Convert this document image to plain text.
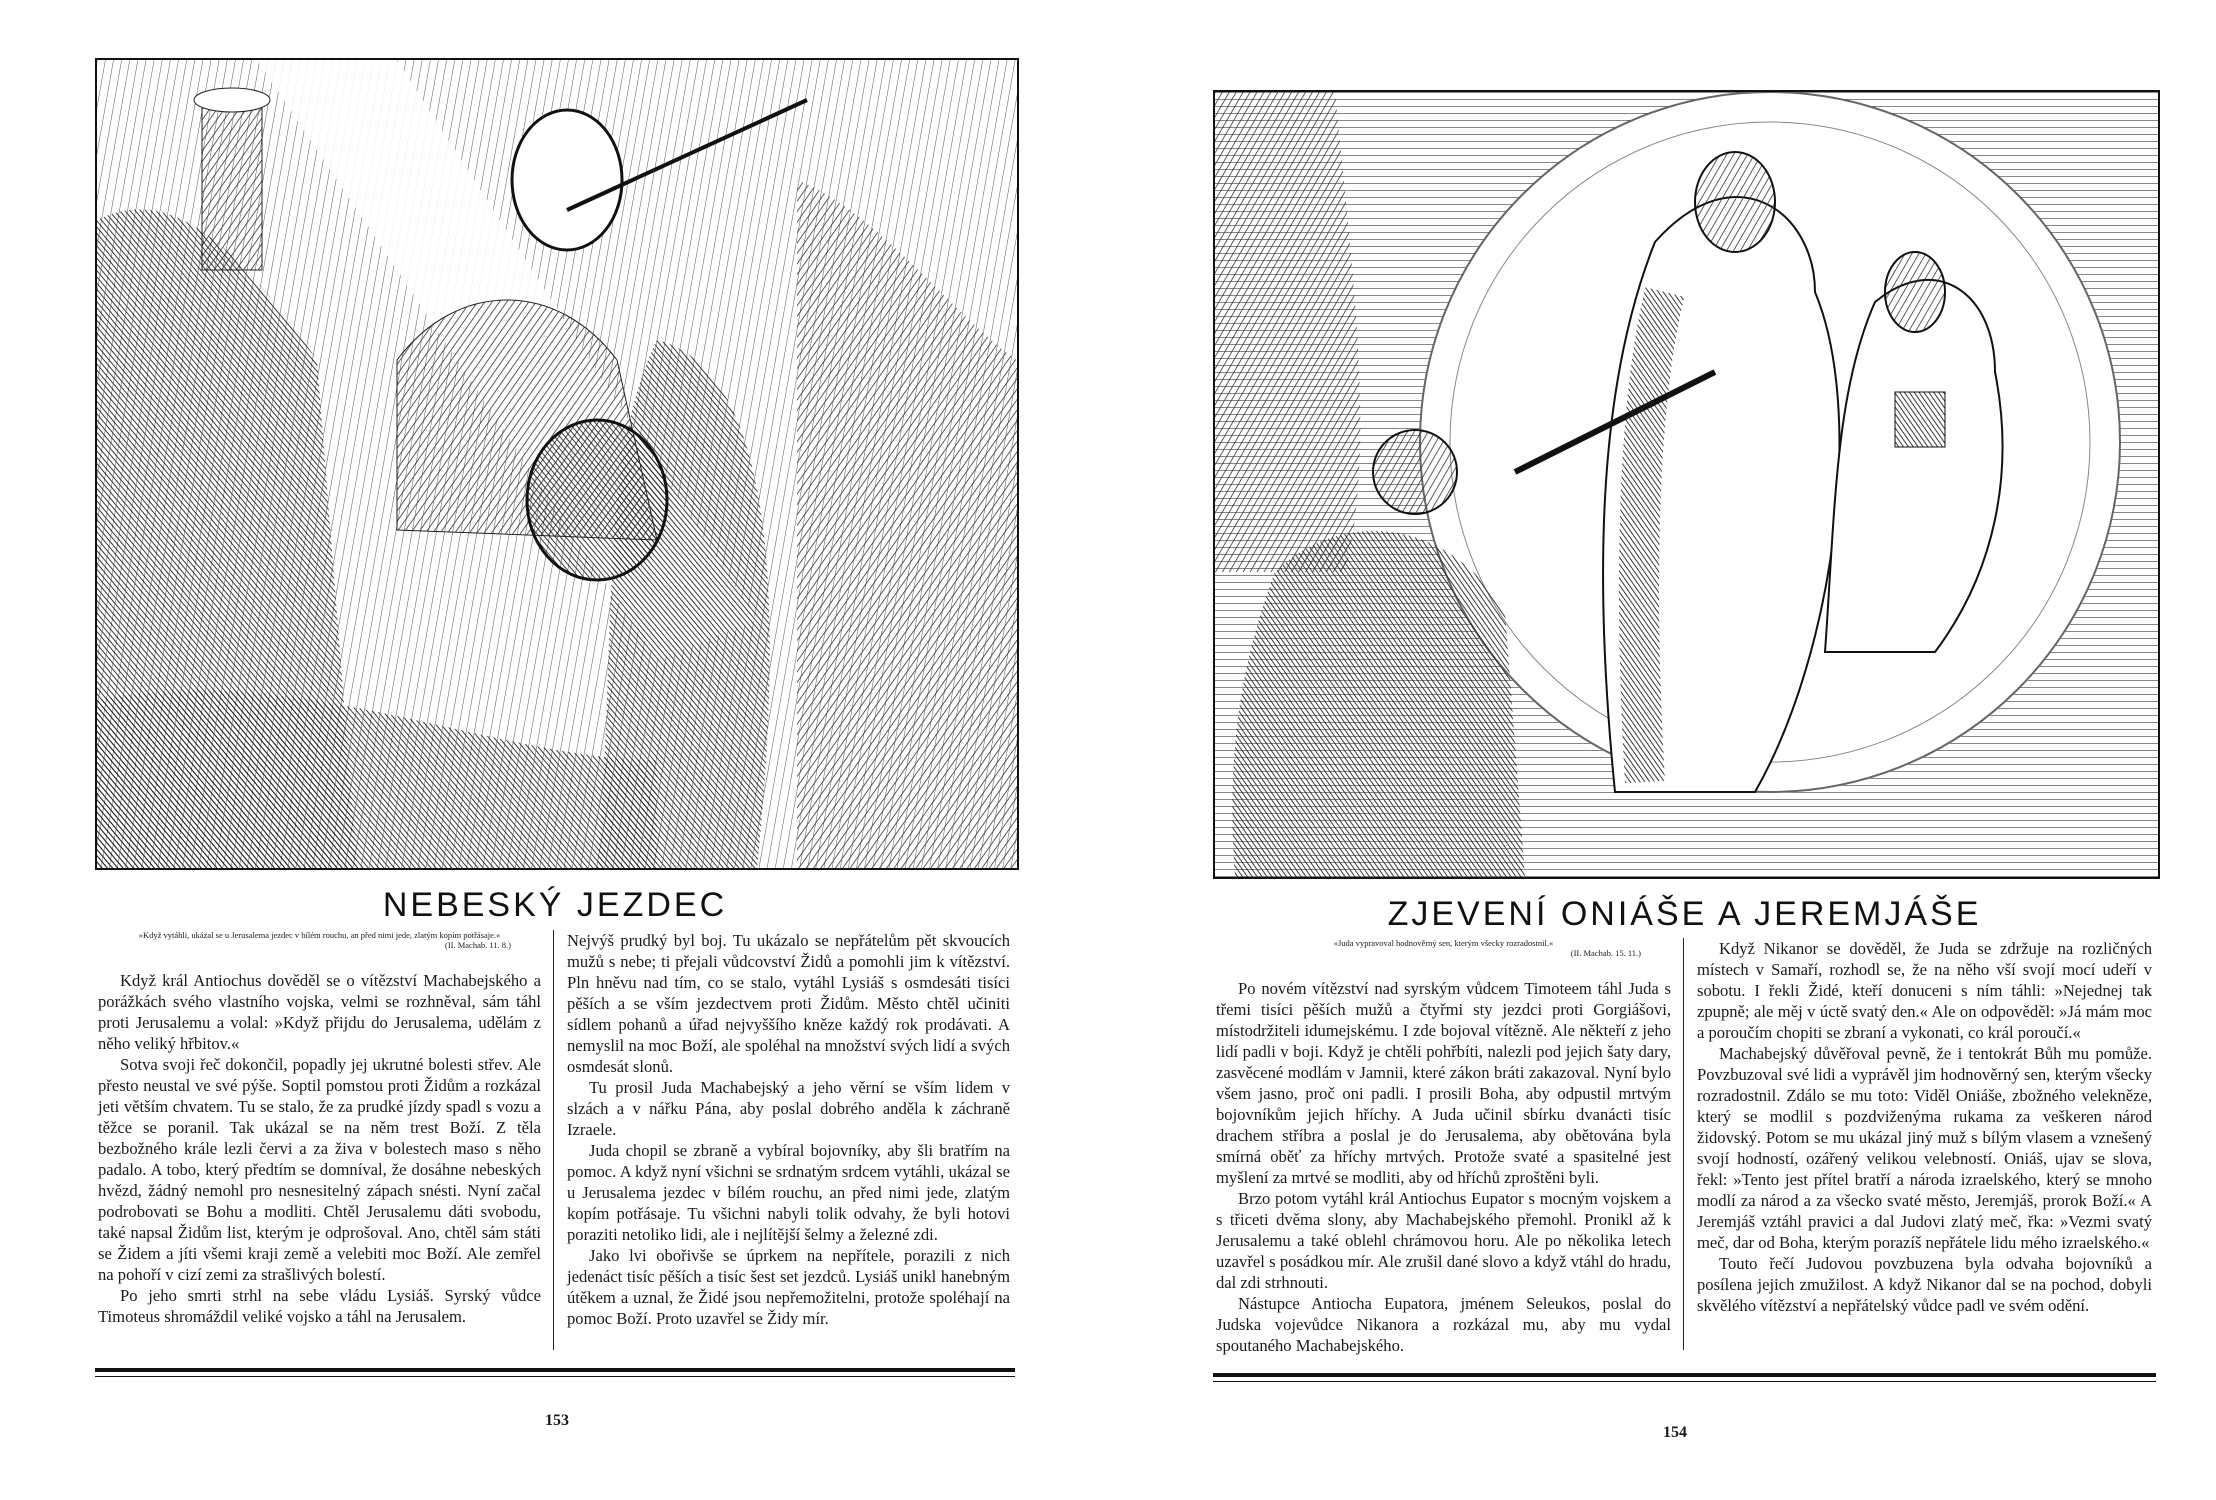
NEBESKÝ JEZDEC
»Když vytáhli, ukázal se u Jerusalema jezdec v bílém rouchu, an před nimi jede, zlatým kopím potřásaje.«
(II. Machab. 11. 8.)

Když král Antiochus dověděl se o vítězství Machabejského a porážkách svého vlastního vojska, velmi se rozhněval, sám táhl proti Jerusalemu a volal: »Když přijdu do Jerusalema, udělám z něho veliký hřbitov.«

Sotva svoji řeč dokončil, popadly jej ukrutné bolesti střev. Ale přesto neustal ve své pýše. Soptil pomstou proti Židům a rozkázal jeti větším chvatem. Tu se stalo, že za prudké jízdy spadl s vozu a těžce se poranil. Tak ukázal se na něm trest Boží. Z těla bezbožného krále lezli červi a za živa v bolestech maso s něho padalo. A tobo, který předtím se domníval, že dosáhne nebeských hvězd, žádný nemohl pro nesnesitelný zápach snésti. Nyní začal podrobovati se Bohu a modliti. Chtěl Jerusalemu dáti svobodu, také napsal Židům list, kterým je odprošoval. Ano, chtěl sám státi se Židem a jíti všemi kraji země a velebiti moc Boží. Ale zemřel na pohoří v cizí zemi za strašlivých bolestí.

Po jeho smrti strhl na sebe vládu Lysiáš. Syrský vůdce Timoteus shromáždil veliké vojsko a táhl na Jerusalem.

Nejvýš prudký byl boj. Tu ukázalo se nepřátelům pět skvoucích mužů s nebe; ti přejali vůdcovství Židů a pomohli jim k vítězství. Pln hněvu nad tím, co se stalo, vytáhl Lysiáš s osmdesáti tisíci pěších a se vším jezdectvem proti Židům. Město chtěl učiniti sídlem pohanů a úřad nejvyššího kněze každý rok prodávati. A nemyslil na moc Boží, ale spoléhal na množství svých lidí a svých osmdesát slonů.

Tu prosil Juda Machabejský a jeho věrní se vším lidem v slzách a v nářku Pána, aby poslal dobrého anděla k záchraně Izraele.

Juda chopil se zbraně a vybíral bojovníky, aby šli bratřím na pomoc. A když nyní všichni se srdnatým srdcem vytáhli, ukázal se u Jerusalema jezdec v bílém rouchu, an před nimi jede, zlatým kopím potřásaje. Tu všichni nabyli tolik odvahy, že byli hotovi poraziti netoliko lidi, ale i nejlítější šelmy a železné zdi.

Jako lvi obořivše se úprkem na nepřítele, porazili z nich jedenáct tisíc pěších a tisíc šest set jezdců. Lysiáš unikl hanebným útěkem a uznal, že Židé jsou nepřemožitelni, protože spoléhají na pomoc Boží. Proto uzavřel se Židy mír.

153
ZJEVENÍ ONIÁŠE A JEREMJÁŠE
»Juda vypravoval hodnověrný sen, kterým všecky rozradostnil.«
(II. Machab. 15. 11.)

Po novém vítězství nad syrským vůdcem Timoteem táhl Juda s třemi tisíci pěších mužů a čtyřmi sty jezdci proti Gorgiášovi, místodržiteli idumejskému. I zde bojoval vítězně. Ale někteří z jeho lidí padli v boji. Když je chtěli pohřbíti, nalezli pod jejich šaty dary, zasvěcené modlám v Jamnii, které zákon bráti zakazoval. Nyní bylo všem jasno, proč oni padli. I prosili Boha, aby odpustil mrtvým bojovníkům jejich hříchy. A Juda učinil sbírku dvanácti tisíc drachem stříbra a poslal je do Jerusalema, aby obětována byla smírná oběť za hříchy mrtvých. Protože svaté a spasitelné jest myšlení za mrtvé se modliti, aby od hříchů zproštěni byli.

Brzo potom vytáhl král Antiochus Eupator s mocným vojskem a s třiceti dvěma slony, aby Machabejského přemohl. Pronikl až k Jerusalemu a také oblehl chrámovou horu. Ale po několika letech uzavřel s posádkou mír. Ale zrušil dané slovo a když vtáhl do hradu, dal zdi strhnouti.

Nástupce Antiocha Eupatora, jménem Seleukos, poslal do Judska vojevůdce Nikanora a rozkázal mu, aby mu vydal spoutaného Machabejského.

Když Nikanor se dověděl, že Juda se zdržuje na rozličných místech v Samaří, rozhodl se, že na něho vší svojí mocí udeří v sobotu. I řekli Židé, kteří donuceni s ním táhli: »Nejednej tak zpupně; ale měj v úctě svatý den.« Ale on odpověděl: »Já mám moc a poroučím chopiti se zbraní a vykonati, co král poroučí.«

Machabejský důvěřoval pevně, že i tentokrát Bůh mu pomůže. Povzbuzoval své lidi a vyprávěl jim hodnověrný sen, kterým všecky rozradostnil. Zdálo se mu toto: Viděl Oniáše, zbožného velekněze, který se modlil s pozdviženýma rukama za veškeren národ židovský. Potom se mu ukázal jiný muž s bílým vlasem a vznešený svojí hodností, ozářený velikou velebností. Oniáš, ujav se slova, řekl: »Tento jest přítel bratří a národa izraelského, který se mnoho modlí za národ a za všecko svaté město, Jeremjáš, prorok Boží.« A Jeremjáš vztáhl pravici a dal Judovi zlatý meč, řka: »Vezmi svatý meč, dar od Boha, kterým porazíš nepřátele lidu mého izraelského.«

Touto řečí Judovou povzbuzena byla odvaha bojovníků a posílena jejich zmužilost. A když Nikanor dal se na pochod, dobyli skvělého vítězství a nepřátelský vůdce padl ve svém odění.

154
